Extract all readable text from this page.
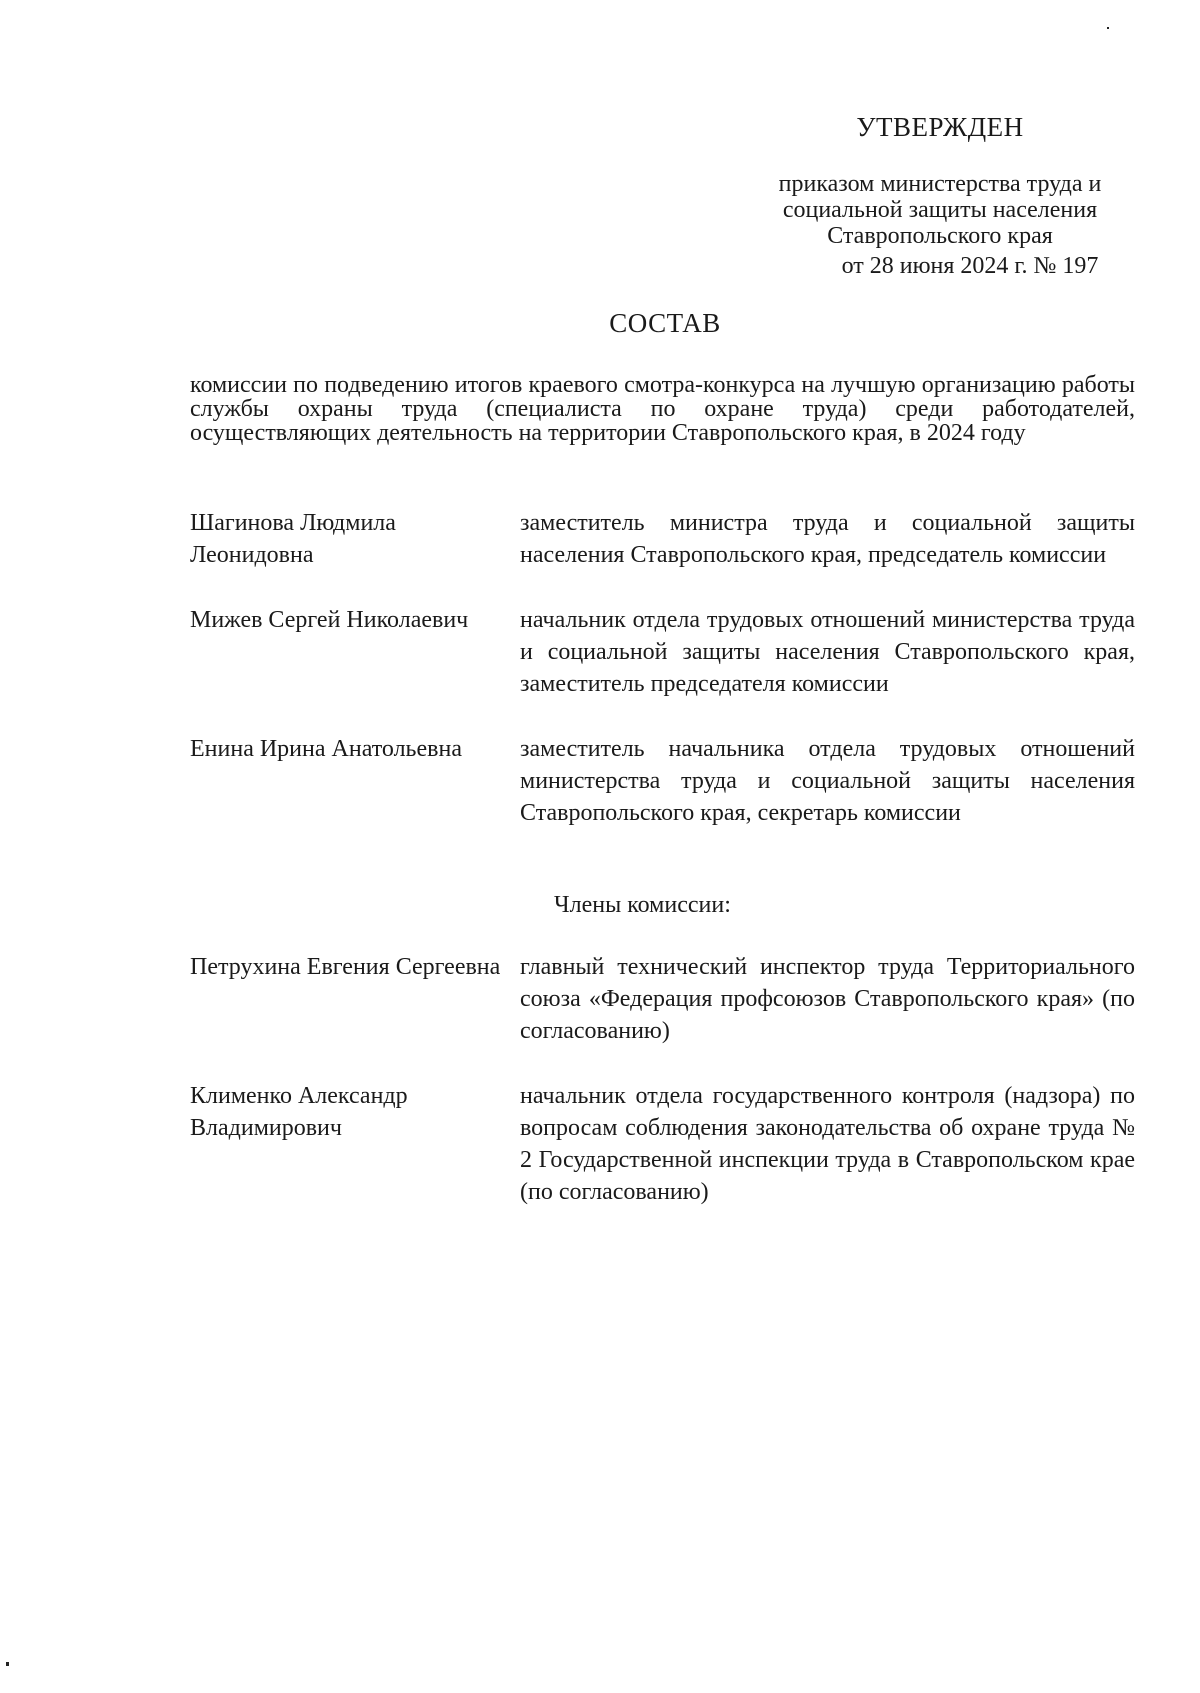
УТВЕРЖДЕН
приказом министерства труда и
социальной защиты населения
Ставропольского края
от 28 июня 2024 г. № 197
СОСТАВ
комиссии по подведению итогов краевого смотра-конкурса на лучшую организацию работы службы охраны труда (специалиста по охране труда) среди работодателей, осуществляющих деятельность на территории Ставропольского края, в 2024 году
Шагинова Людмила Леонидовна
заместитель министра труда и социальной защиты населения Ставропольского края, председатель комиссии
Мижев Сергей Николаевич	начальник отдела трудовых отношений министерства труда и социальной защиты населения Ставропольского края, заместитель председателя комиссии
Енина Ирина Анатольевна	заместитель начальника отдела трудовых отношений министерства труда и социальной защиты населения Ставропольского края, секретарь комиссии
Члены комиссии:
Петрухина Евгения Сергеевна главный технический инспектор труда Территориального союза «Федерация профсоюзов Ставропольского края» (по согласованию)
Клименко Александр Владимирович
начальник отдела государственного контроля (надзора) по вопросам соблюдения законодательства об охране труда № 2 Государственной инспекции труда в Ставропольском крае (по согласованию)
